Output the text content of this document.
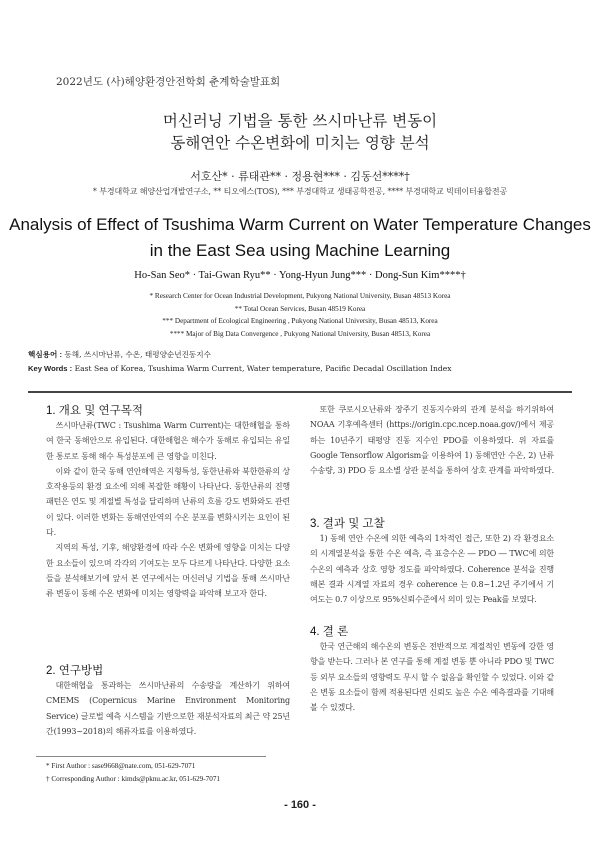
2022년도 (사)해양환경안전학회 춘계학술발표회
머신러닝 기법을 통한 쓰시마난류 변동이
동해연안 수온변화에 미치는 영향 분석
서호산* · 류태관** · 정용현*** · 김동선****†
* 부경대학교 해양산업개발연구소, ** 티오에스(TOS), *** 부경대학교 생태공학전공, **** 부경대학교 빅데이터융합전공
Analysis of Effect of Tsushima Warm Current on Water Temperature Changes
in the East Sea using Machine Learning
Ho-San Seo* · Tai-Gwan Ryu** · Yong-Hyun Jung*** · Dong-Sun Kim****†
* Research Center for Ocean Industrial Development, Pukyong National University, Busan 48513 Korea
** Total Ocean Services, Busan 48519 Korea
*** Department of Ecological Engineering , Pukyong National University, Busan 48513, Korea
**** Major of Big Data Convergence , Pukyong National University, Busan 48513, Korea
핵심용어 : 동해, 쓰시마난류, 수온, 태평양순년진동지수
Key Words : East Sea of Korea, Tsushima Warm Current, Water temperature, Pacific Decadal Oscillation Index
1. 개요 및 연구목적

쓰시마난류(TWC : Tsushima Warm Current)는 대한해협을 통하여 한국 동해안으로 유입된다. 대한해협은 해수가 동해로 유입되는 유일한 통로로 동해 해수 특성분포에 큰 영향을 미친다.

이와 같이 한국 동해 연안해역은 지형특성, 동한난류와 북한한류의 상호작용등의 환경 요소에 의해 복잡한 해황이 나타난다. 동한난류의 진행 패턴은 연도 및 계절별 특성을 달리하며 난류의 흐름 강도 변화와도 관련이 있다. 이러한 변화는 동해연안역의 수온 분포를 변화시키는 요인이 된다.

지역의 특성, 기후, 해양환경에 따라 수온 변화에 영향을 미치는 다양한 요소들이 있으며 각각의 기여도는 모두 다르게 나타난다. 다양한 요소들을 분석해보기에 앞서 본 연구에서는 머신러닝 기법을 통해 쓰시마난류 변동이 동해 수온 변화에 미치는 영향력을 파악해 보고자 한다.

2. 연구방법

대한해협을 통과하는 쓰시마난류의 수송량을 계산하기 위하여 CMEMS (Copernicus Marine Environment Monitoring Service) 글로벌 예측 시스템을 기반으로한 재분석자료의 최근 약 25년간(1993~2018)의 해류자료를 이용하였다.

또한 쿠로시오난류와 장주기 진동지수와의 관계 분석을 하기위하여 NOAA 기후예측센터 (https://origin.cpc.ncep.noaa.gov/)에서 제공하는 10년주기 태평양 진동 지수인 PDO를 이용하였다. 위 자료를 Google Tensorflow Algorism을 이용하여 1) 동해연안 수온, 2) 난류수송량, 3) PDO 등 요소별 상관 분석을 통하여 상호 관계를 파악하였다.

3. 결과 및 고찰

1) 동해 연안 수온에 의한 예측의 1차적인 접근, 또한 2) 각 환경요소의 시계열분석을 통한 수온 예측, 즉 표층수온 ― PDO ― TWC에 의한 수온의 예측과 상호 영향 정도를 파악하였다. Coherence 분석을 진행해본 결과 시계열 자료의 경우 coherence 는 0.8~1.2년 주기에서 기여도는 0.7 이상으로 95%신뢰수준에서 의미 있는 Peak를 보였다.

4. 결 론

한국 연근해의 해수온의 변동은 전반적으로 계절적인 변동에 강한 영향을 받는다. 그러나 본 연구를 통해 계절 변동 뿐 아니라 PDO 및 TWC등 외부 요소들의 영향력도 무시 할 수 없음을 확인할 수 있었다. 이와 같은 변동 요소들이 함께 적용된다면 신뢰도 높은 수온 예측결과를 기대해 볼 수 있겠다.

* First Author : sase9668@nate.com, 051-629-7071
† Corresponding Author : kimds@pknu.ac.kr, 051-629-7071
- 160 -
